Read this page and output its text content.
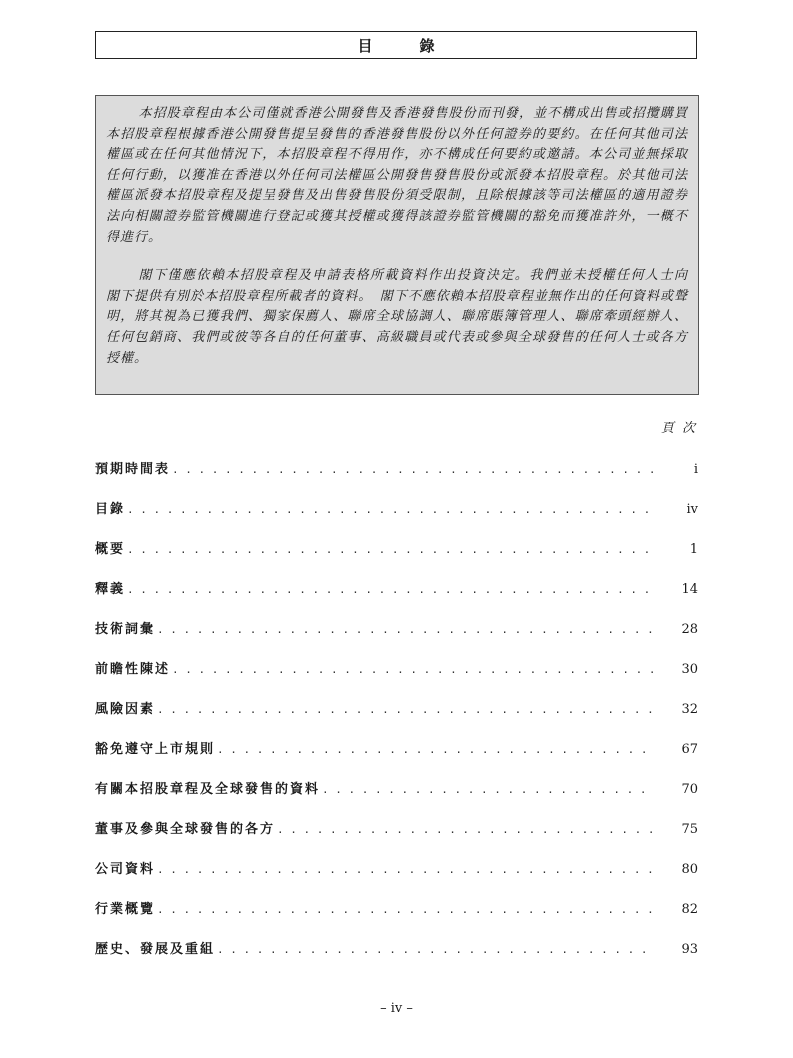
目　錄

本招股章程由本公司僅就香港公開發售及香港發售股份而刊發，並不構成出售或招攬購買本招股章程根據香港公開發售提呈發售的香港發售股份以外任何證券的要約。在任何其他司法權區或在任何其他情況下，本招股章程不得用作，亦不構成任何要約或邀請。本公司並無採取任何行動，以獲准在香港以外任何司法權區公開發售發售股份或派發本招股章程。於其他司法權區派發本招股章程及提呈發售及出售發售股份須受限制，且除根據該等司法權區的適用證券法向相關證券監管機關進行登記或獲其授權或獲得該證券監管機關的豁免而獲准許外，一概不得進行。

閣下僅應依賴本招股章程及申請表格所載資料作出投資決定。我們並未授權任何人士向　閣下提供有別於本招股章程所載者的資料。　閣下不應依賴本招股章程並無作出的任何資料或聲明，將其視為已獲我們、獨家保薦人、聯席全球協調人、聯席賬簿管理人、聯席牽頭經辦人、任何包銷商、我們或彼等各自的任何董事、高級職員或代表或參與全球發售的任何人士或各方授權。

頁 次
預期時間表 . . .	i
目錄 . . .	iv
概要 . . .	1
釋義 . . .	14
技術詞彙 . . .	28
前瞻性陳述 . . .	30
風險因素 . . .	32
豁免遵守上市規則 . . .	67
有關本招股章程及全球發售的資料 . . .	70
董事及參與全球發售的各方 . . .	75
公司資料 . . .	80
行業概覽 . . .	82
歷史、發展及重組 . . .	93
– iv –
